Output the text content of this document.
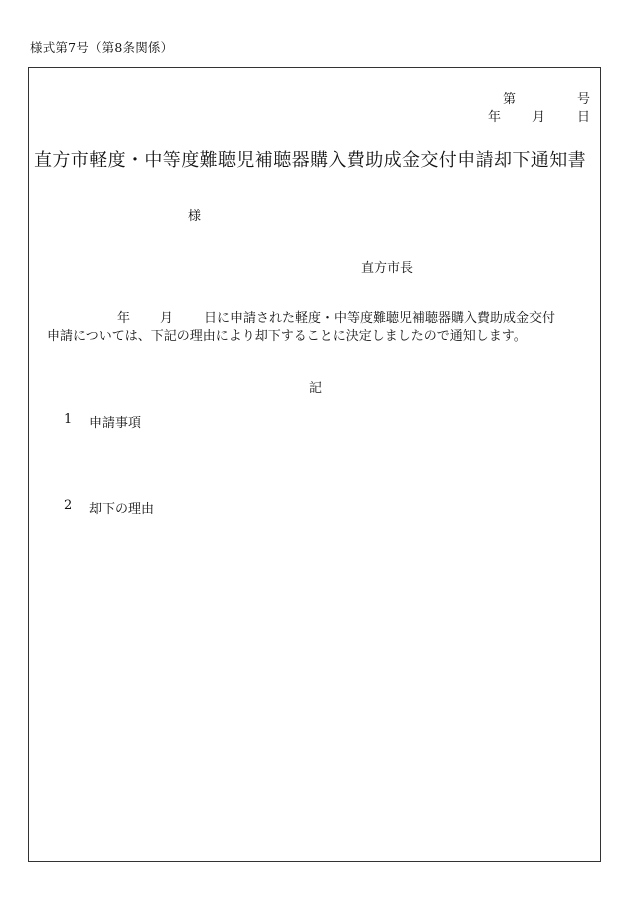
様式第7号（第8条関係）
第	号
年 月 日
直方市軽度・中等度難聴児補聴器購入費助成金交付申請却下通知書
様
直方市長
年 月 日に申請された軽度・中等度難聴児補聴器購入費助成金交付
申請については、下記の理由により却下することに決定しましたので通知します。
記
1 申請事項
2 却下の理由
